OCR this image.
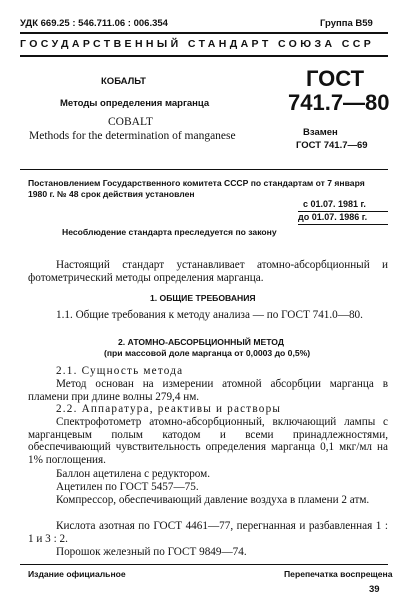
УДК 669.25 : 546.711.06 : 006.354	Группа В59
ГОСУДАРСТВЕННЫЙ СТАНДАРТ СОЮЗА ССР
КОБАЛЬТ
Методы определения марганца
COBALT
Methods for the determination of manganese
ГОСТ
741.7—80
Взамен
ГОСТ 741.7—69
Постановлением Государственного комитета СССР по стандартам от 7 января
1980 г. № 48 срок действия установлен
с 01.07. 1981 г.
до 01.07. 1986 г.
Несоблюдение стандарта преследуется по закону
Настоящий стандарт устанавливает атомно-абсорбционный и фотометрический методы определения марганца.
1. ОБЩИЕ ТРЕБОВАНИЯ
1.1. Общие требования к методу анализа — по ГОСТ 741.0—80.
2. АТОМНО-АБСОРБЦИОННЫЙ МЕТОД
(при массовой доле марганца от 0,0003 до 0,5%)
2.1. Сущность метода
Метод основан на измерении атомной абсорбции марганца в пламени при длине волны 279,4 нм.
2.2. Аппаратура, реактивы и растворы
Спектрофотометр атомно-абсорбционный, включающий лампы с марганцевым полым катодом и всеми принадлежностями, обеспечивающий чувствительность определения марганца 0,1 мкг/мл на 1% поглощения.
Баллон ацетилена с редуктором.
Ацетилен по ГОСТ 5457—75.
Компрессор, обеспечивающий давление воздуха в пламени 2 атм.
Кислота азотная по ГОСТ 4461—77, перегнанная и разбавленная 1 : 1 и 3 : 2.
Порошок железный по ГОСТ 9849—74.
Издание официальное	Перепечатка воспрещена
39
